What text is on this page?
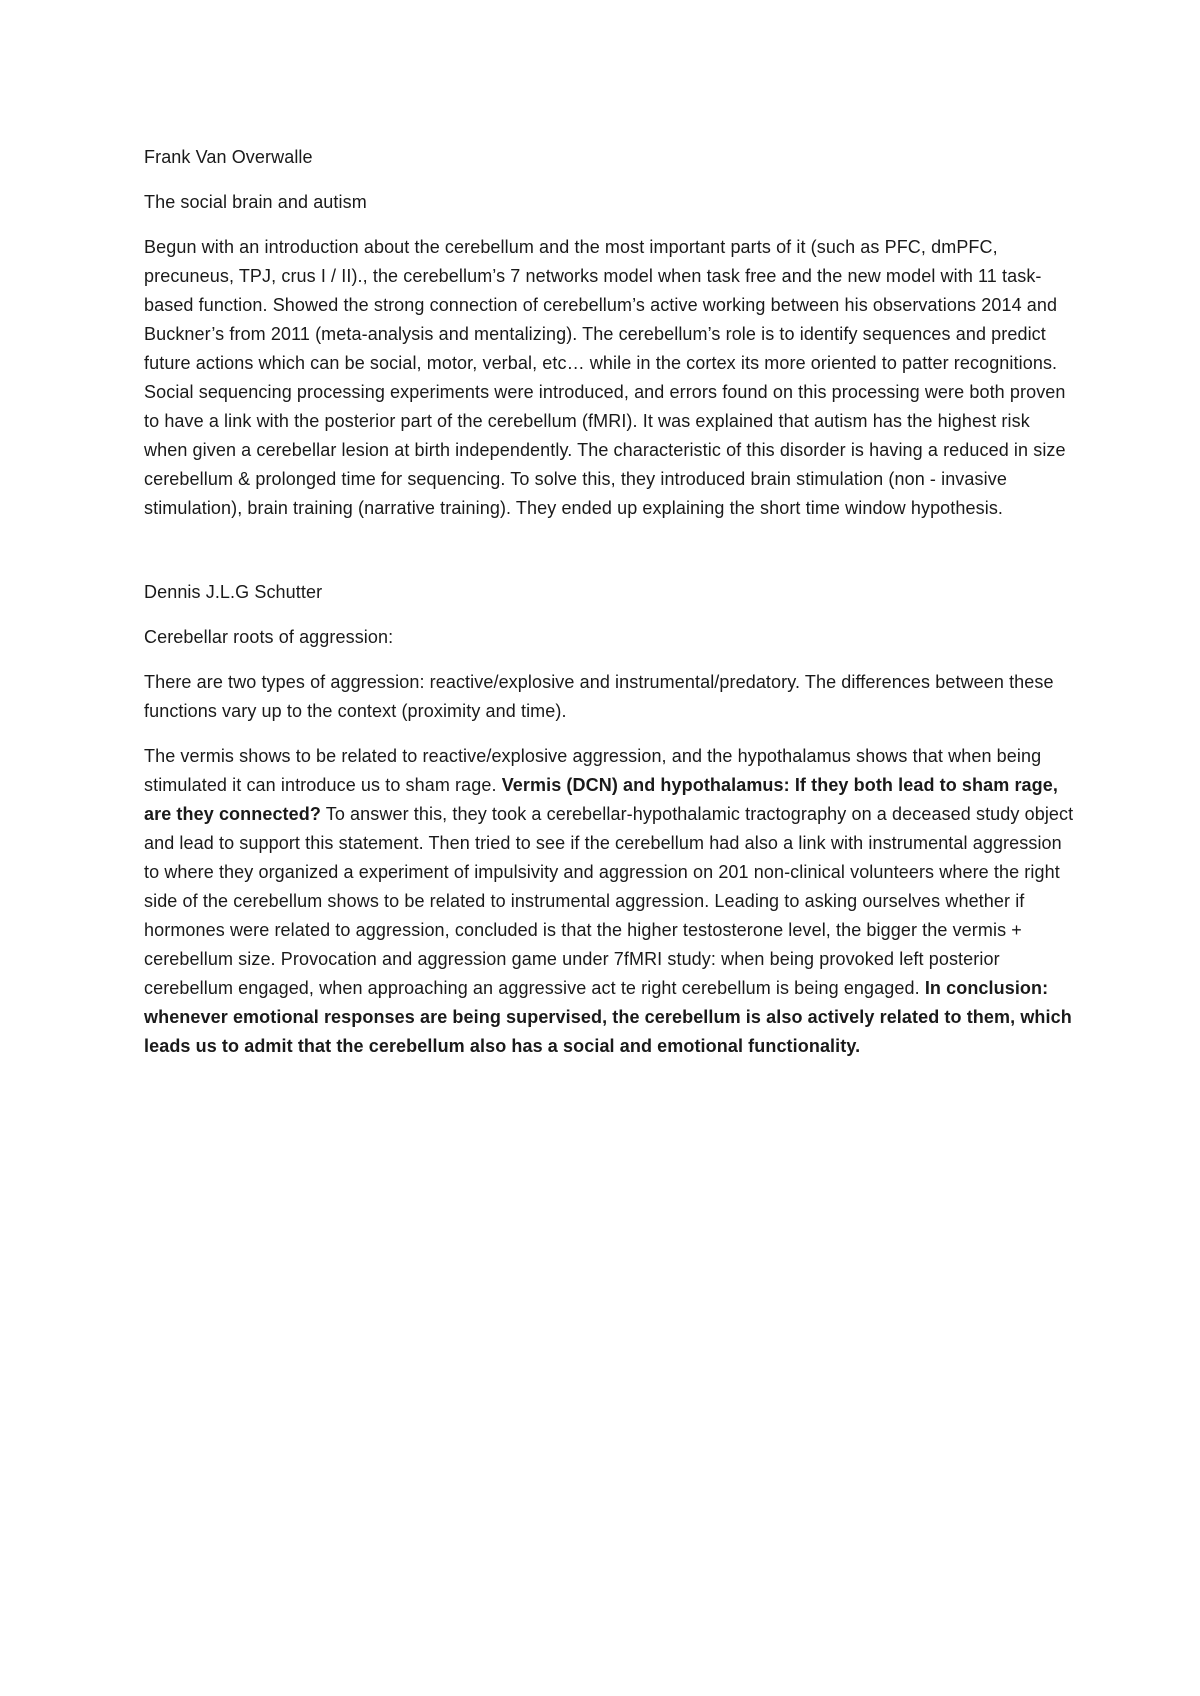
Frank Van Overwalle

The social brain and autism

Begun with an introduction about the cerebellum and the most important parts of it (such as PFC, dmPFC, precuneus, TPJ, crus I / II)., the cerebellum’s 7 networks model when task free and the new model with 11 task-based function. Showed the strong connection of cerebellum’s active working between his observations 2014 and Buckner’s from 2011 (meta-analysis and mentalizing). The cerebellum’s role is to identify sequences and predict future actions which can be social, motor, verbal, etc… while in the cortex its more oriented to patter recognitions. Social sequencing processing experiments were introduced, and errors found on this processing were both proven to have a link with the posterior part of the cerebellum (fMRI). It was explained that autism has the highest risk when given a cerebellar lesion at birth independently. The characteristic of this disorder is having a reduced in size cerebellum & prolonged time for sequencing. To solve this, they introduced brain stimulation (non - invasive stimulation), brain training (narrative training). They ended up explaining the short time window hypothesis.

Dennis J.L.G Schutter

Cerebellar roots of aggression:

There are two types of aggression: reactive/explosive and instrumental/predatory. The differences between these functions vary up to the context (proximity and time).

The vermis shows to be related to reactive/explosive aggression, and the hypothalamus shows that when being stimulated it can introduce us to sham rage. Vermis (DCN) and hypothalamus: If they both lead to sham rage, are they connected? To answer this, they took a cerebellar-hypothalamic tractography on a deceased study object and lead to support this statement. Then tried to see if the cerebellum had also a link with instrumental aggression to where they organized a experiment of impulsivity and aggression on 201 non-clinical volunteers where the right side of the cerebellum shows to be related to instrumental aggression. Leading to asking ourselves whether if hormones were related to aggression, concluded is that the higher testosterone level, the bigger the vermis + cerebellum size. Provocation and aggression game under 7fMRI study: when being provoked left posterior cerebellum engaged, when approaching an aggressive act te right cerebellum is being engaged. In conclusion: whenever emotional responses are being supervised, the cerebellum is also actively related to them, which leads us to admit that the cerebellum also has a social and emotional functionality.
